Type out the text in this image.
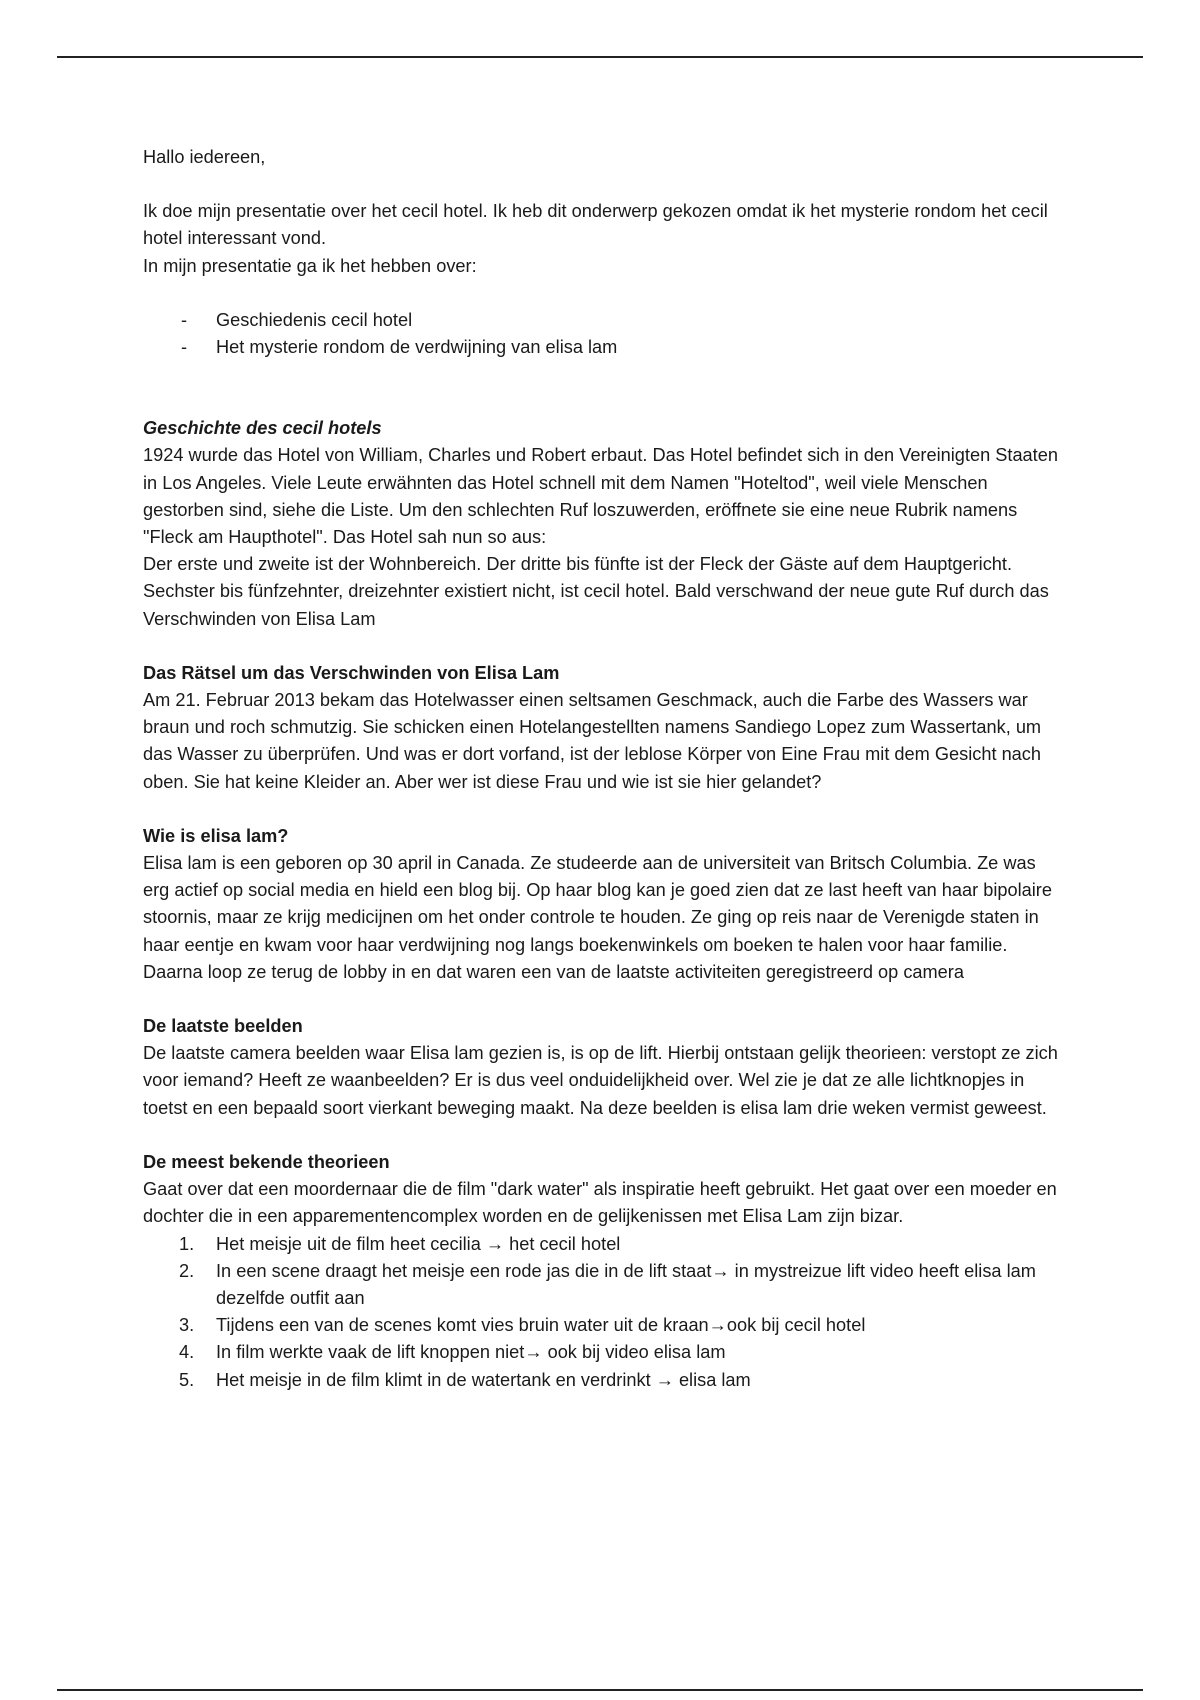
Hallo iedereen,

Ik doe mijn presentatie over het cecil hotel. Ik heb dit onderwerp gekozen omdat ik het mysterie rondom het cecil hotel interessant vond.

In mijn presentatie ga ik het hebben over:

- Geschiedenis cecil hotel
- Het mysterie rondom de verdwijning van elisa lam

Geschichte des cecil hotels

1924 wurde das Hotel von William, Charles und Robert erbaut. Das Hotel befindet sich in den Vereinigten Staaten in Los Angeles. Viele Leute erwähnten das Hotel schnell mit dem Namen "Hoteltod", weil viele Menschen gestorben sind, siehe die Liste. Um den schlechten Ruf loszuwerden, eröffnete sie eine neue Rubrik namens "Fleck am Haupthotel". Das Hotel sah nun so aus:

Der erste und zweite ist der Wohnbereich. Der dritte bis fünfte ist der Fleck der Gäste auf dem Hauptgericht. Sechster bis fünfzehnter, dreizehnter existiert nicht, ist cecil hotel. Bald verschwand der neue gute Ruf durch das Verschwinden von Elisa Lam

Das Rätsel um das Verschwinden von Elisa Lam

Am 21. Februar 2013 bekam das Hotelwasser einen seltsamen Geschmack, auch die Farbe des Wassers war braun und roch schmutzig. Sie schicken einen Hotelangestellten namens Sandiego Lopez zum Wassertank, um das Wasser zu überprüfen. Und was er dort vorfand, ist der leblose Körper von Eine Frau mit dem Gesicht nach oben. Sie hat keine Kleider an. Aber wer ist diese Frau und wie ist sie hier gelandet?

Wie is elisa lam?

Elisa lam is een geboren op 30 april in Canada. Ze studeerde aan de universiteit van Britsch Columbia. Ze was erg actief op social media en hield een blog bij. Op haar blog kan je goed zien dat ze last heeft van haar bipolaire stoornis, maar ze krijg medicijnen om het onder controle te houden. Ze ging op reis naar de Verenigde staten in haar eentje en kwam voor haar verdwijning nog langs boekenwinkels om boeken te halen voor haar familie. Daarna loop ze terug de lobby in en dat waren een van de laatste activiteiten geregistreerd op camera

De laatste beelden

De laatste camera beelden waar Elisa lam gezien is, is op de lift. Hierbij ontstaan gelijk theorieen: verstopt ze zich voor iemand? Heeft ze waanbeelden? Er is dus veel onduidelijkheid over. Wel zie je dat ze alle lichtknopjes in toetst en een bepaald soort vierkant beweging maakt. Na deze beelden is elisa lam drie weken vermist geweest.

De meest bekende theorieen

Gaat over dat een moordernaar die de film "dark water" als inspiratie heeft gebruikt. Het gaat over een moeder en dochter die in een apparementencomplex worden en de gelijkenissen met Elisa Lam zijn bizar.

1. Het meisje uit de film heet cecilia → het cecil hotel
2. In een scene draagt het meisje een rode jas die in de lift staat→ in mystreizue lift video heeft elisa lam dezelfde outfit aan
3. Tijdens een van de scenes komt vies bruin water uit de kraan→ook bij cecil hotel
4. In film werkte vaak de lift knoppen niet→ ook bij video elisa lam
5. Het meisje in de film klimt in de watertank en verdrinkt → elisa lam
